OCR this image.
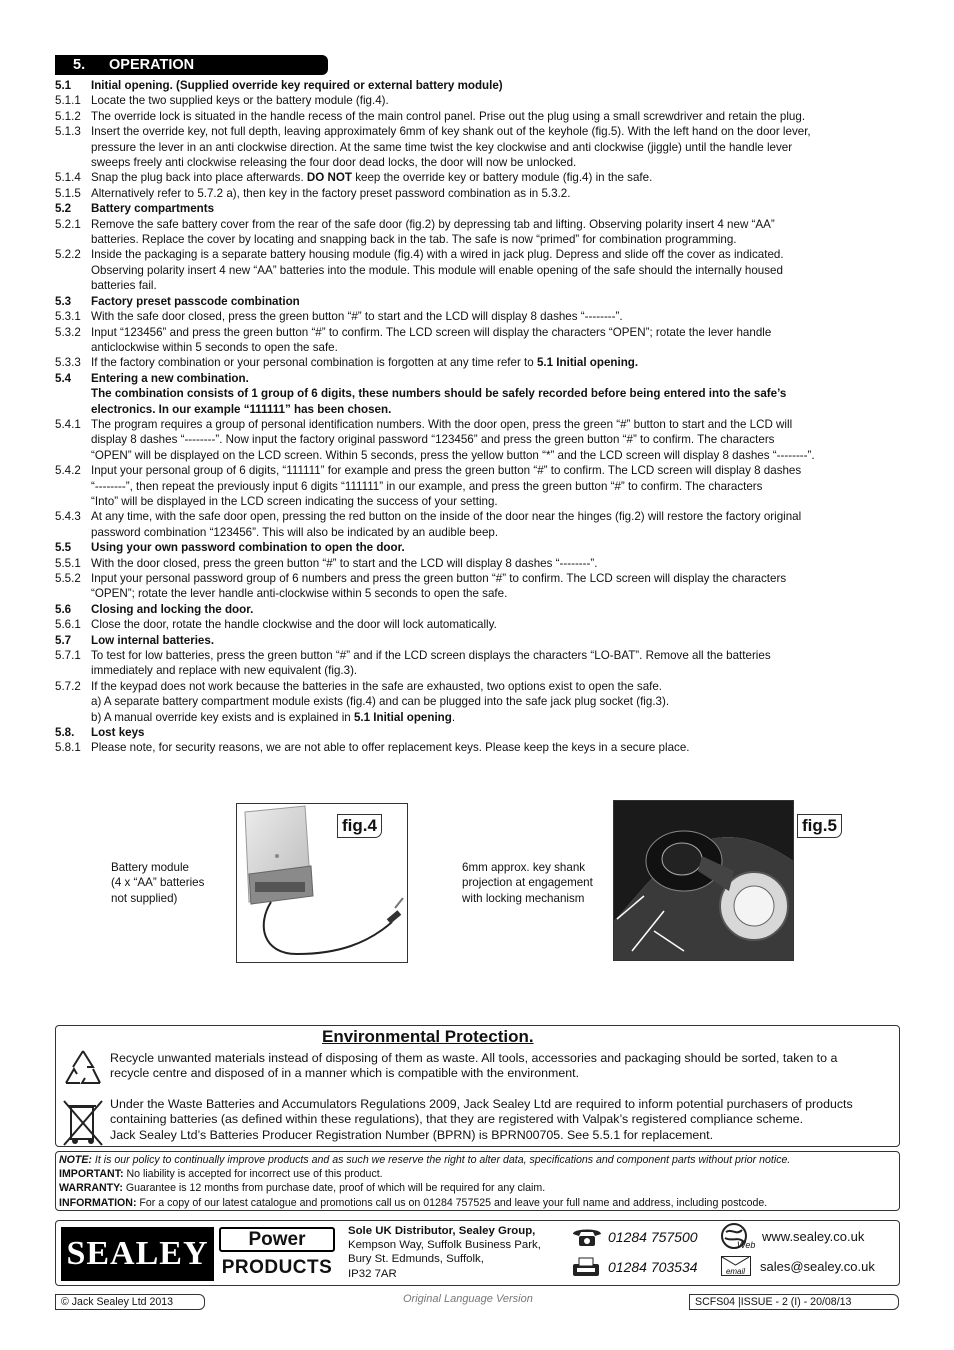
5. OPERATION
5.1	Initial opening. (Supplied override key required or external battery module)
5.1.1 Locate the two supplied keys or the battery module (fig.4).
5.1.2 The override lock is situated in the handle recess of the main control panel. Prise out the plug using a small screwdriver and retain the plug.
5.1.3 Insert the override key, not full depth, leaving approximately 6mm of key shank out of the keyhole (fig.5). With the left hand on the door lever,
pressure the lever in an anti clockwise direction. At the same time twist the key clockwise and anti clockwise (jiggle) until the handle lever
sweeps freely anti clockwise releasing the four door dead locks, the door will now be unlocked.
5.1.4 Snap the plug back into place afterwards. DO NOT keep the override key or battery module (fig.4) in the safe.
5.1.5 Alternatively refer to 5.7.2 a), then key in the factory preset password combination as in 5.3.2.
5.2	Battery compartments
5.2.1 Remove the safe battery cover from the rear of the safe door (fig.2) by depressing tab and lifting. Observing polarity insert 4 new “AA”
batteries. Replace the cover by locating and snapping back in the tab. The safe is now “primed” for combination programming.
5.2.2 Inside the packaging is a separate battery housing module (fig.4) with a wired in jack plug. Depress and slide off the cover as indicated.
Observing polarity insert 4 new “AA” batteries into the module. This module will enable opening of the safe should the internally housed
batteries fail.
5.3	Factory preset passcode combination
5.3.1 With the safe door closed, press the green button “#” to start and the LCD will display 8 dashes “--------”.
5.3.2 Input “123456” and press the green button “#” to confirm. The LCD screen will display the characters “OPEN”; rotate the lever handle
anticlockwise within 5 seconds to open the safe.
5.3.3 If the factory combination or your personal combination is forgotten at any time refer to 5.1 Initial opening.
5.4	Entering a new combination.
The combination consists of 1 group of 6 digits, these numbers should be safely recorded before being entered into the safe’s
electronics. In our example “111111” has been chosen.
5.4.1 The program requires a group of personal identification numbers. With the door open, press the green “#” button to start and the LCD will
display 8 dashes “--------”. Now input the factory original password “123456” and press the green button “#” to confirm. The characters
“OPEN” will be displayed on the LCD screen. Within 5 seconds, press the yellow button “*” and the LCD screen will display 8 dashes “--------”.
5.4.2 Input your personal group of 6 digits, “111111” for example and press the green button “#” to confirm. The LCD screen will display 8 dashes
“--------”, then repeat the previously input 6 digits “111111” in our example, and press the green button “#” to confirm. The characters
“Into” will be displayed in the LCD screen indicating the success of your setting.
5.4.3 At any time, with the safe door open, pressing the red button on the inside of the door near the hinges (fig.2) will restore the factory original
password combination “123456”. This will also be indicated by an audible beep.
5.5	Using your own password combination to open the door.
5.5.1 With the door closed, press the green button “#” to start and the LCD will display 8 dashes “--------”.
5.5.2 Input your personal password group of 6 numbers and press the green button “#” to confirm. The LCD screen will display the characters
“OPEN”; rotate the lever handle anti-clockwise within 5 seconds to open the safe.
5.6	Closing and locking the door.
5.6.1 Close the door, rotate the handle clockwise and the door will lock automatically.
5.7	Low internal batteries.
5.7.1 To test for low batteries, press the green button “#” and if the LCD screen displays the characters “LO-BAT”. Remove all the batteries
immediately and replace with new equivalent (fig.3).
5.7.2 If the keypad does not work because the batteries in the safe are exhausted, two options exist to open the safe.
a) A separate battery compartment module exists (fig.4) and can be plugged into the safe jack plug socket (fig.3).
b) A manual override key exists and is explained in 5.1 Initial opening.
5.8.	Lost keys
5.8.1 Please note, for security reasons, we are not able to offer replacement keys. Please keep the keys in a secure place.
Battery module
(4 x “AA” batteries
not supplied)
fig.4
6mm approx. key shank
projection at engagement
with locking mechanism
fig.5
Environmental Protection.
Recycle unwanted materials instead of disposing of them as waste. All tools, accessories and packaging should be sorted, taken to a
recycle centre and disposed of in a manner which is compatible with the environment.
Under the Waste Batteries and Accumulators Regulations 2009, Jack Sealey Ltd are required to inform potential purchasers of products
containing batteries (as defined within these regulations), that they are registered with Valpak’s registered compliance scheme.
Jack Sealey Ltd’s Batteries Producer Registration Number (BPRN) is BPRN00705. See 5.5.1 for replacement.
NOTE: It is our policy to continually improve products and as such we reserve the right to alter data, specifications and component parts without prior notice.
IMPORTANT: No liability is accepted for incorrect use of this product.
WARRANTY: Guarantee is 12 months from purchase date, proof of which will be required for any claim.
INFORMATION: For a copy of our latest catalogue and promotions call us on 01284 757525 and leave your full name and address, including postcode.
SEALEY	Power
PRODUCTS
Sole UK Distributor, Sealey Group,
Kempson Way, Suffolk Business Park,
Bury St. Edmunds, Suffolk,
IP32 7AR
01284 757500
01284 703534
Web
www.sealey.co.uk
email	sales@sealey.co.uk
© Jack Sealey Ltd 2013	Original Language Version	SCFS04 |ISSUE - 2 (I) - 20/08/13
